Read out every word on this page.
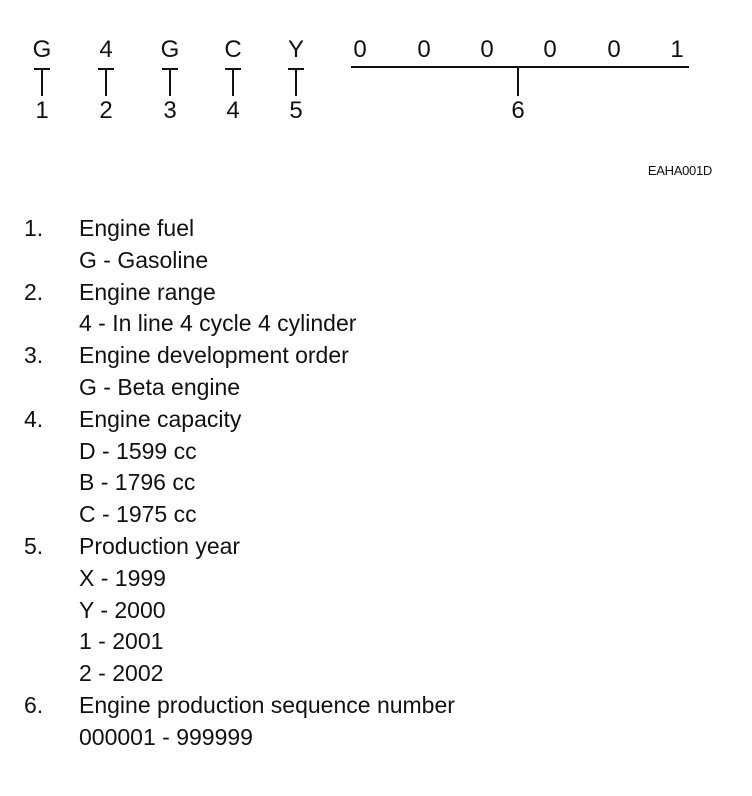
G	4	G C Y	0	0	0	0	0	1
1	2	3	4	5	6
EAHA001D
1. Engine fuel
G - Gasoline
2. Engine range
4 - In line 4 cycle 4 cylinder
3. Engine development order
G - Beta engine
4. Engine capacity
D - 1599 cc
B - 1796 cc
C - 1975 cc
5. Production year
X - 1999
Y - 2000
1 - 2001
2 - 2002
6. Engine production sequence number
000001 - 999999
